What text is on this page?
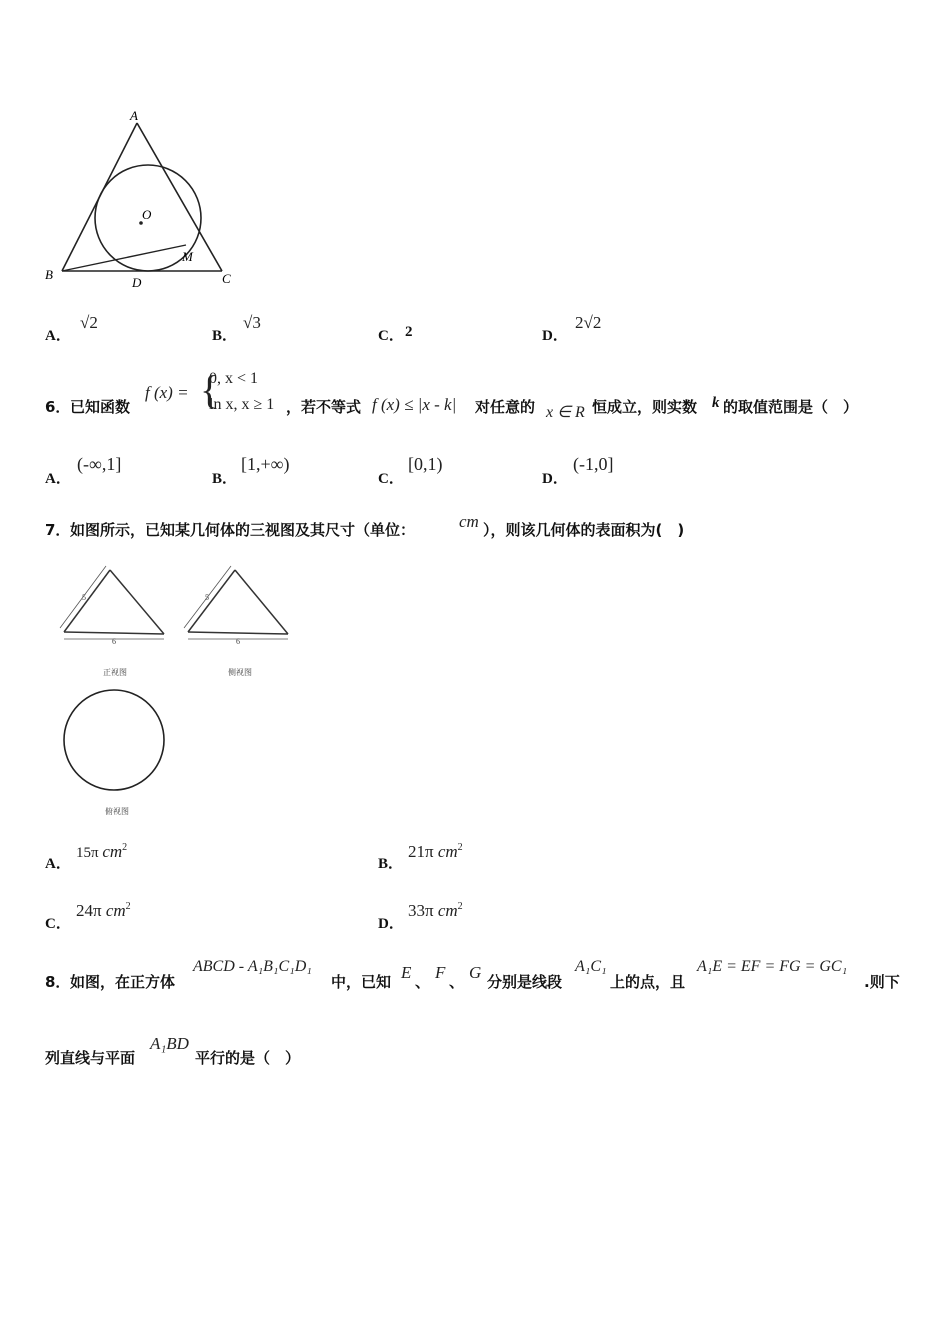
A
B	C
D
O
M
A．
√2
B．
√3
C． 2	D．
2√2
6． 已知函数
f (x) = {
0, x < 1
ln x, x ≥ 1 ，若不等式 f (x) ≤ |x - k| 对任意的 x ∈ R 恒成立，则实数 k 的取值范围是（　）
A．
(-∞,1]
B．
[1,+∞)
C．
[0,1)
D．
(-1,0]
7． 如图所示，已知某几何体的三视图及其尺寸（单位：	cm ），则该几何体的表面积为(　)
5
6
正视图
5
6
侧视图
俯视图
A．
15π $cm^2$
B．
21π $cm^2$
C．
24π $cm^2$
D．
33π $cm^2$
8． 如图，在正方体
ABCD - A₁B₁C₁D₁
中，已知 E 、 F 、 G 分别是线段
A₁C₁
上的点，且
A₁E = EF = FG = GC₁
.则下
列直线与平面
A₁BD
平行的是（　）
